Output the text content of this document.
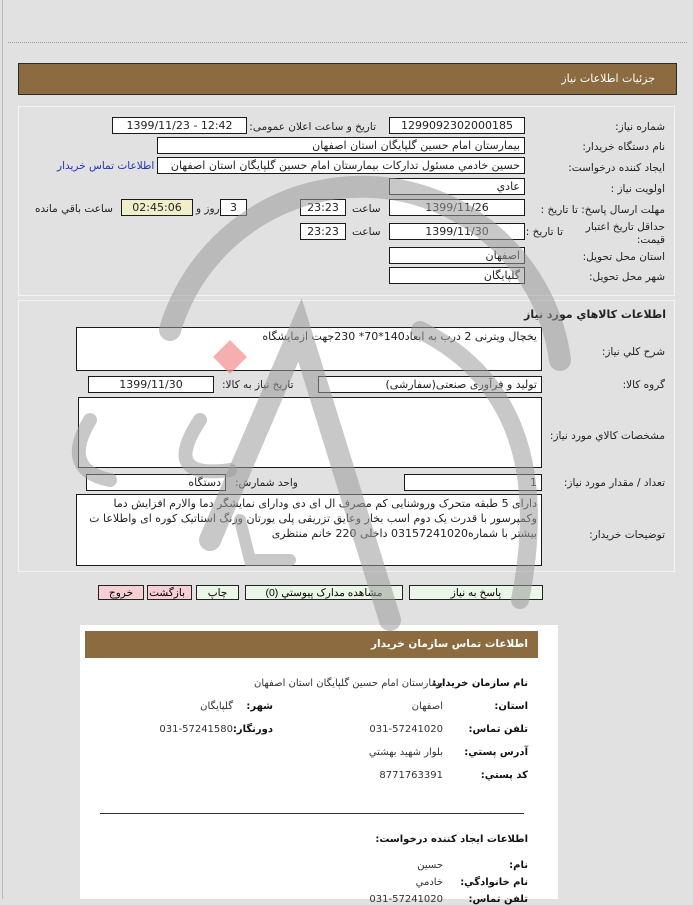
جزئيات اطلاعات نياز
شماره نياز:
1299092302000185
تاريخ و ساعت اعلان عمومی:
1399/11/23 - 12:42
نام دستگاه خريدار:
بيمارستان امام حسين گلپايگان استان اصفهان
ايجاد کننده درخواست:
حسين خادمي مسئول تدارکات بيمارستان امام حسين گلپايگان استان اصفهان
اطلاعات تماس خريدار
اولويت نياز :
عادي
مهلت ارسال پاسخ: تا تاريخ :
1399/11/26
ساعت
23:23
3
روز و
02:45:06
ساعت باقي مانده
حداقل تاريخ اعتبار قيمت:
تا تاريخ :
1399/11/30
ساعت
23:23
استان محل تحويل:
اصفهان
شهر محل تحويل:
گلپايگان
اطلاعات کالاهاي مورد نياز
شرح کلي نياز:
يخچال ويترنی 2 درب به ابعاد140*70* 230جهت ازمايشگاه
گروه کالا:
توليد و فرآوری صنعتی(سفارشی)
تاريخ نياز به کالا:
1399/11/30
مشخصات کالاي مورد نياز:
تعداد / مقدار مورد نياز:
1
واحد شمارش:
دستگاه
توضيحات خريدار:
دارای 5 طبقه متحرک وروشنایی کم مصرف ال ای دی ودارای نمایشگر دما والارم افزایش دما وکمپرسور با قدرت یک دوم اسب بخار وعایق تزریقی پلی یورتان ورنگ استاتیک کوره ای واطلاعا ت بیشتر با شماره03157241020 داخلی 220 خانم منتظری
پاسخ به نياز
مشاهده مدارک پيوستي (0)
چاپ
بازگشت
خروج
اطلاعات تماس سازمان خريدار
نام سازمان خريدار:
بيمارستان امام حسين گلپايگان استان اصفهان
استان:
اصفهان
شهر:
گلپايگان
تلفن تماس:
031-57241020
دورنگار:
031-57241580
آدرس پستي:
بلوار شهيد بهشتي
کد پستي:
8771763391
اطلاعات ايجاد کننده درخواست:
نام:
حسين
نام خانوادگي:
خادمي
تلفن تماس:
031-57241020
